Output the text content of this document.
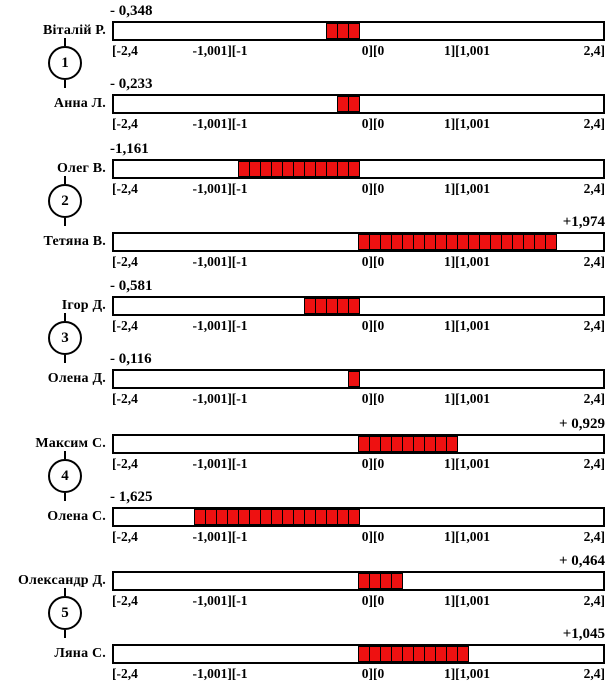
1
2
3
4
5
Віталій Р.
- 0,348
[-2,4	-1,001][-1	0][0	1][1,001	2,4]
Анна Л.
- 0,233
[-2,4	-1,001][-1	0][0	1][1,001	2,4]
Олег В.
-1,161
[-2,4	-1,001][-1	0][0	1][1,001	2,4]
Тетяна В.
+1,974
[-2,4	-1,001][-1	0][0	1][1,001	2,4]
Ігор Д.
- 0,581
[-2,4	-1,001][-1	0][0	1][1,001	2,4]
Олена Д.
- 0,116
[-2,4	-1,001][-1	0][0	1][1,001	2,4]
Максим С.
+ 0,929
[-2,4	-1,001][-1	0][0	1][1,001	2,4]
Олена С.
- 1,625
[-2,4	-1,001][-1	0][0	1][1,001	2,4]
Олександр Д.
+ 0,464
[-2,4	-1,001][-1	0][0	1][1,001	2,4]
Ляна С.
+1,045
[-2,4	-1,001][-1	0][0	1][1,001	2,4]
